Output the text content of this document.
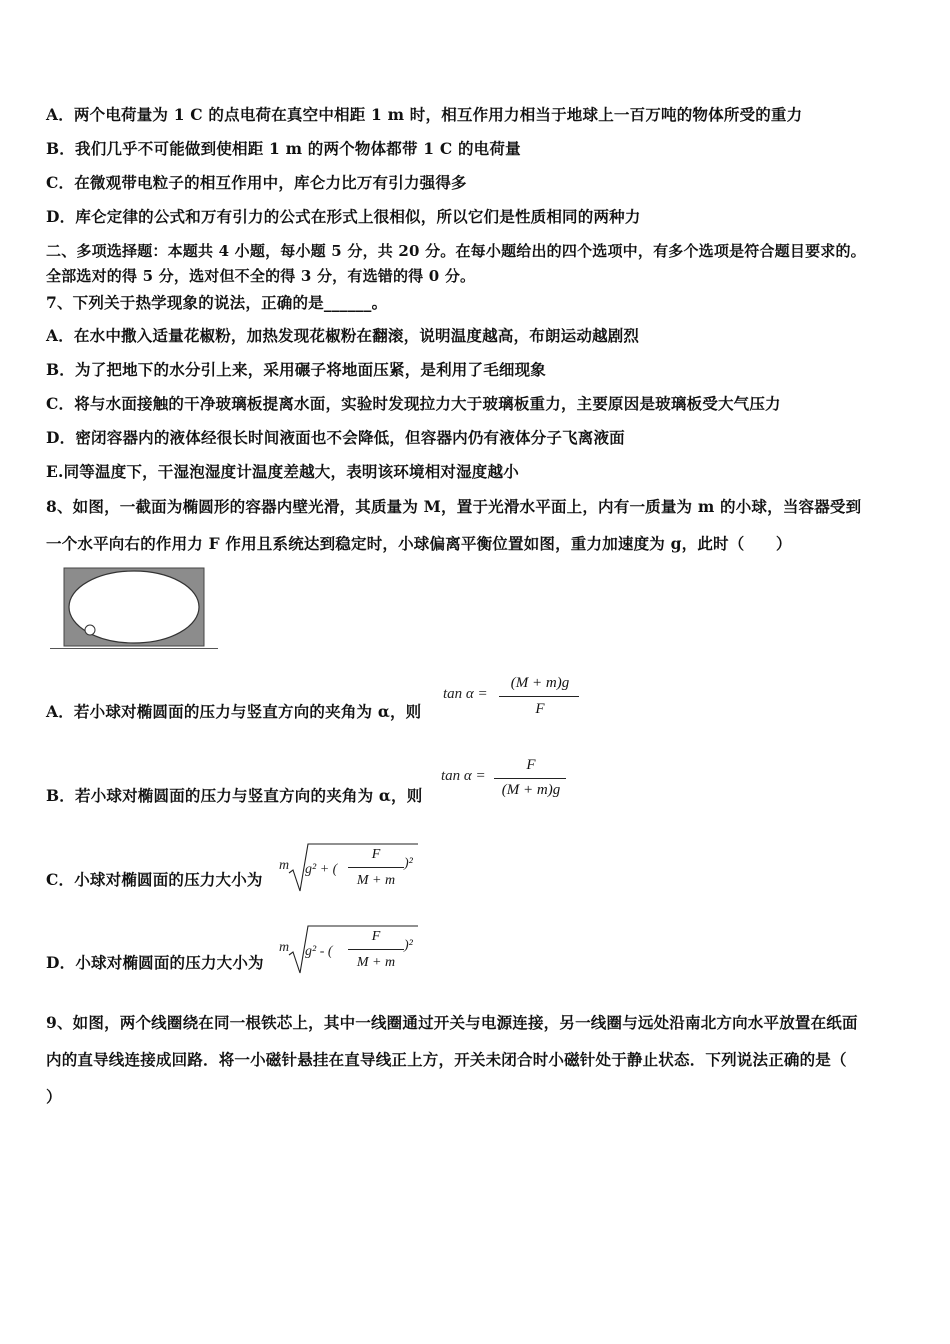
A．两个电荷量为 1 C 的点电荷在真空中相距 1 m 时，相互作用力相当于地球上一百万吨的物体所受的重力
B．我们几乎不可能做到使相距 1 m 的两个物体都带 1 C 的电荷量
C．在微观带电粒子的相互作用中，库仑力比万有引力强得多
D．库仑定律的公式和万有引力的公式在形式上很相似，所以它们是性质相同的两种力
二、多项选择题：本题共 4 小题，每小题 5 分，共 20 分。在每小题给出的四个选项中，有多个选项是符合题目要求的。
全部选对的得 5 分，选对但不全的得 3 分，有选错的得 0 分。
7、下列关于热学现象的说法，正确的是______。
A．在水中撒入适量花椒粉，加热发现花椒粉在翻滚，说明温度越高，布朗运动越剧烈
B．为了把地下的水分引上来，采用碾子将地面压紧，是利用了毛细现象
C．将与水面接触的干净玻璃板提离水面，实验时发现拉力大于玻璃板重力，主要原因是玻璃板受大气压力
D．密闭容器内的液体经很长时间液面也不会降低，但容器内仍有液体分子飞离液面
E.同等温度下，干湿泡湿度计温度差越大，表明该环境相对湿度越小
8、如图，一截面为椭圆形的容器内壁光滑，其质量为 M，置于光滑水平面上，内有一质量为 m 的小球，当容器受到
一个水平向右的作用力 F 作用且系统达到稳定时，小球偏离平衡位置如图，重力加速度为 g，此时（　　）
A．若小球对椭圆面的压力与竖直方向的夹角为 α，则
tan α =
(M + m)g
F
B．若小球对椭圆面的压力与竖直方向的夹角为 α，则
tan α =
F
(M + m)g
C．小球对椭圆面的压力大小为
m g² + (
F
M + m
)²
D．小球对椭圆面的压力大小为
m g² - (
F
M + m
)²
9、如图，两个线圈绕在同一根铁芯上，其中一线圈通过开关与电源连接，另一线圈与远处沿南北方向水平放置在纸面
内的直导线连接成回路．将一小磁针悬挂在直导线正上方，开关未闭合时小磁针处于静止状态．下列说法正确的是（
）
